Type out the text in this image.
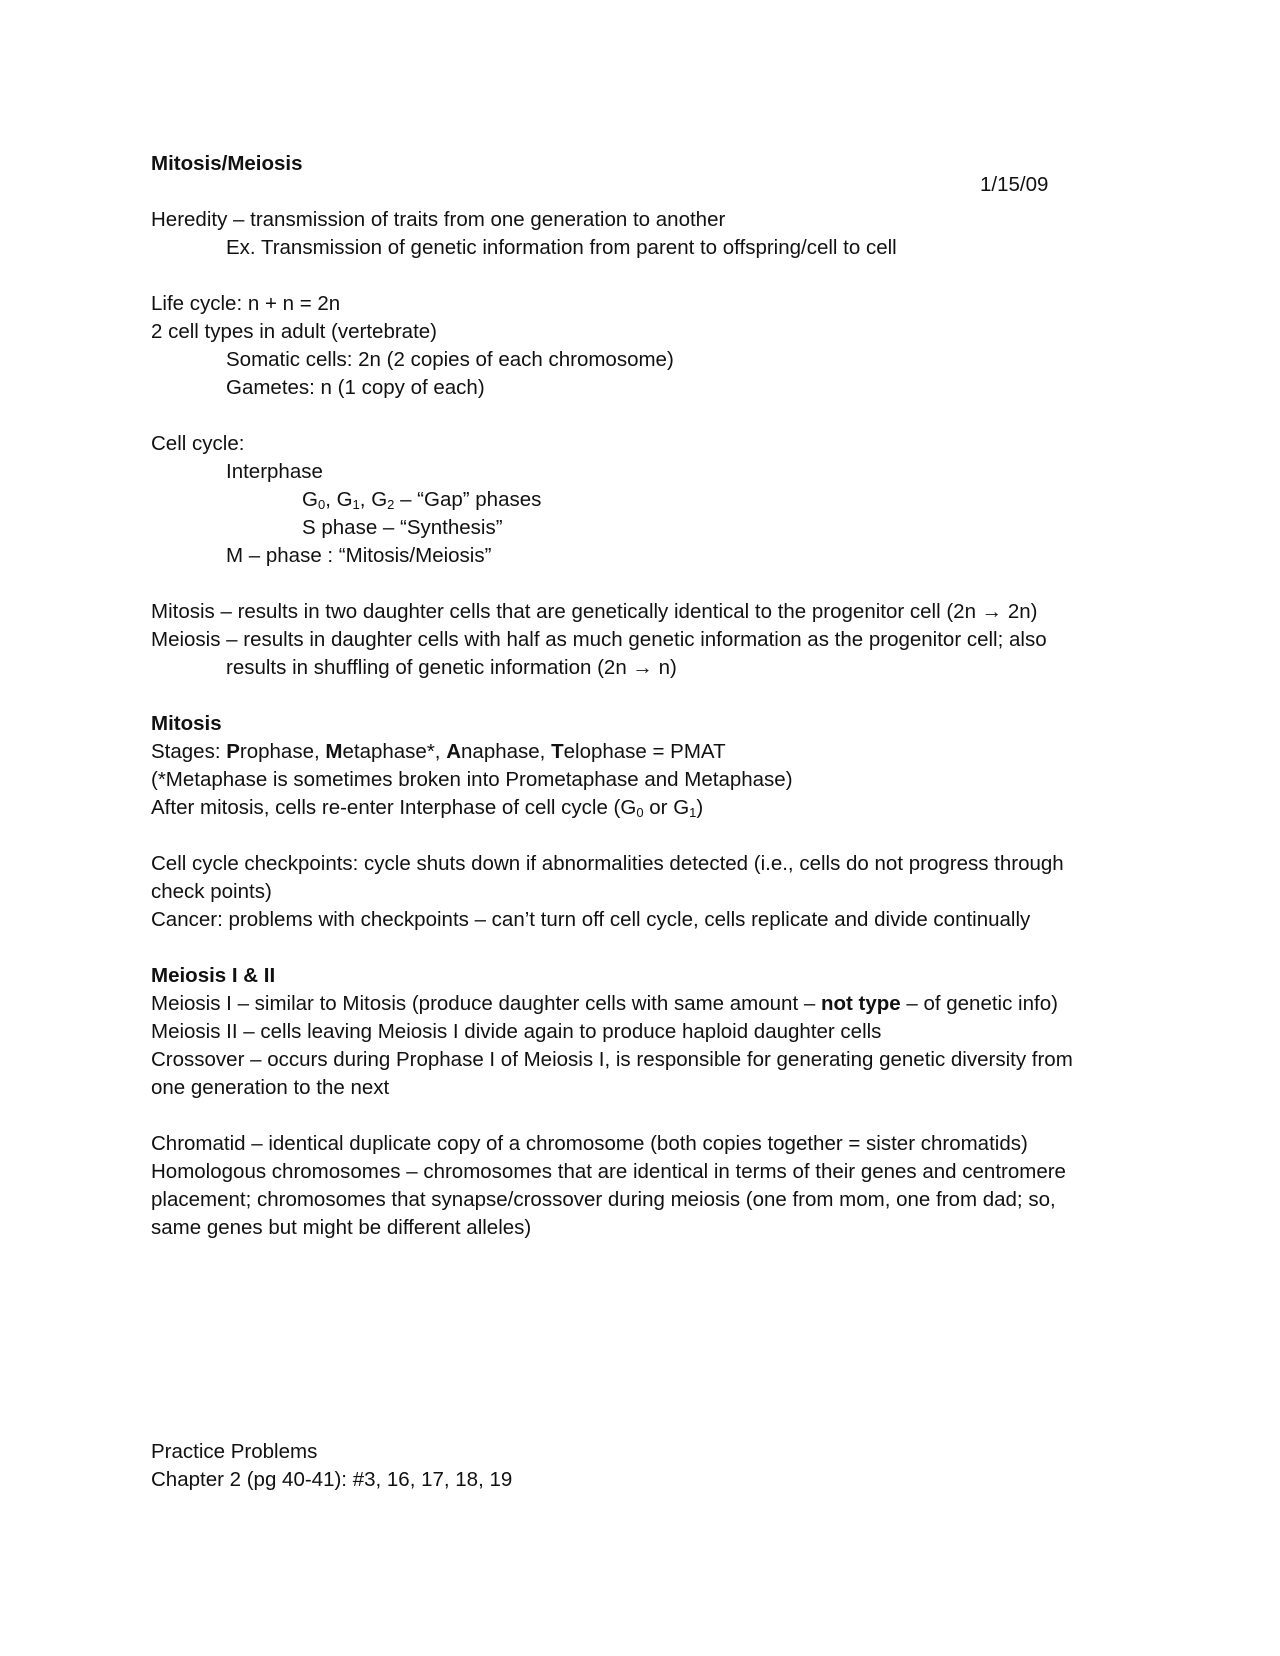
Mitosis/Meiosis

1/15/09

Heredity – transmission of traits from one generation to another

Ex. Transmission of genetic information from parent to offspring/cell to cell

Life cycle: n + n = 2n

2 cell types in adult (vertebrate)

Somatic cells: 2n (2 copies of each chromosome)

Gametes: n (1 copy of each)

Cell cycle:

Interphase

$G_0$, $G_1$, $G_2$ – “Gap” phases

S phase – “Synthesis”

M – phase : “Mitosis/Meiosis”

Mitosis – results in two daughter cells that are genetically identical to the progenitor cell (2n → 2n)

Meiosis – results in daughter cells with half as much genetic information as the progenitor cell; also

results in shuffling of genetic information (2n → n)

Mitosis

Stages: Prophase, Metaphase*, Anaphase, Telophase = PMAT

(*Metaphase is sometimes broken into Prometaphase and Metaphase)

After mitosis, cells re-enter Interphase of cell cycle ($G_0$ or $G_1$)

Cell cycle checkpoints: cycle shuts down if abnormalities detected (i.e., cells do not progress through

check points)

Cancer: problems with checkpoints – can’t turn off cell cycle, cells replicate and divide continually

Meiosis I & II

Meiosis I – similar to Mitosis (produce daughter cells with same amount – not type – of genetic info)

Meiosis II – cells leaving Meiosis I divide again to produce haploid daughter cells

Crossover – occurs during Prophase I of Meiosis I, is responsible for generating genetic diversity from

one generation to the next

Chromatid – identical duplicate copy of a chromosome (both copies together = sister chromatids)

Homologous chromosomes – chromosomes that are identical in terms of their genes and centromere

placement; chromosomes that synapse/crossover during meiosis (one from mom, one from dad; so,

same genes but might be different alleles)

Practice Problems

Chapter 2 (pg 40-41): #3, 16, 17, 18, 19
